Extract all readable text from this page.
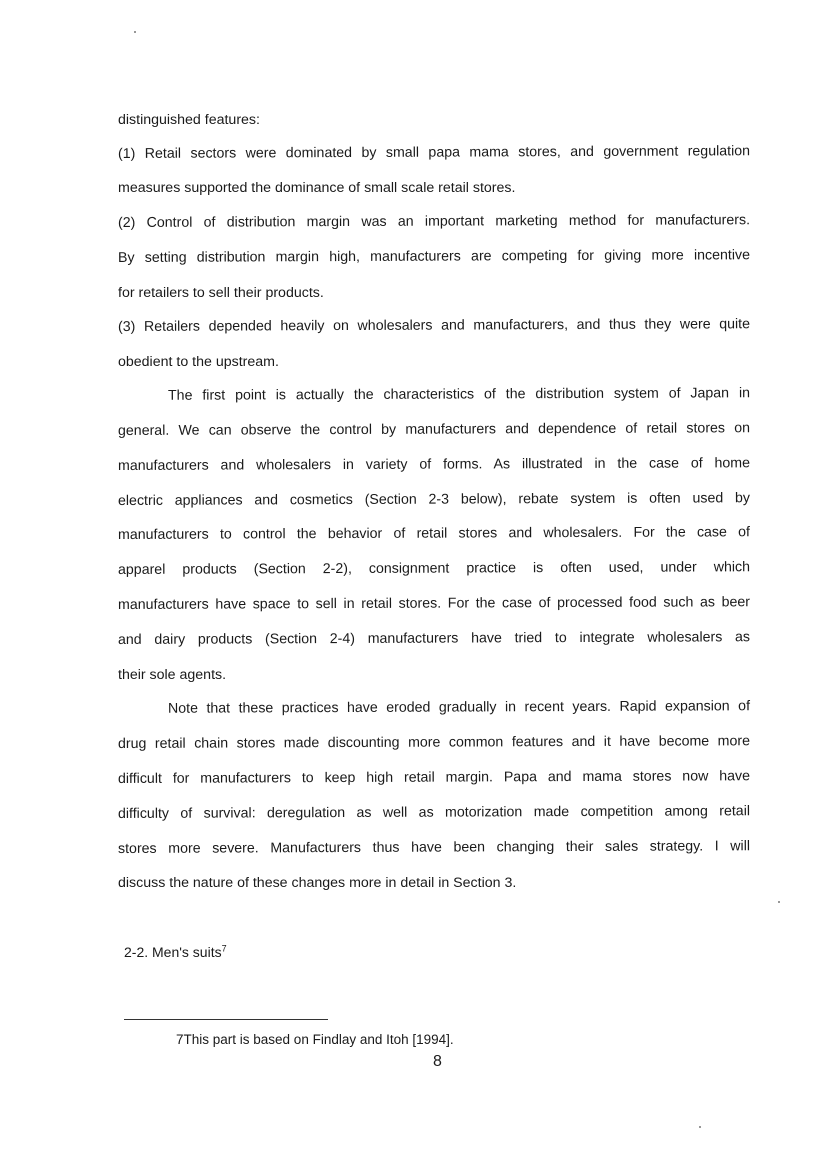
distinguished features:
(1) Retail sectors were dominated by small papa mama stores, and government regulation
measures supported the dominance of small scale retail stores.
(2) Control of distribution margin was an important marketing method for manufacturers.
By setting distribution margin high, manufacturers are competing for giving more incentive
for retailers to sell their products.
(3) Retailers depended heavily on wholesalers and manufacturers, and thus they were quite
obedient to the upstream.
The first point is actually the characteristics of the distribution system of Japan in
general. We can observe the control by manufacturers and dependence of retail stores on
manufacturers and wholesalers in variety of forms. As illustrated in the case of home
electric appliances and cosmetics (Section 2-3 below), rebate system is often used by
manufacturers to control the behavior of retail stores and wholesalers. For the case of
apparel products (Section 2-2), consignment practice is often used, under which
manufacturers have space to sell in retail stores. For the case of processed food such as beer
and dairy products (Section 2-4) manufacturers have tried to integrate wholesalers as
their sole agents.
Note that these practices have eroded gradually in recent years. Rapid expansion of
drug retail chain stores made discounting more common features and it have become more
difficult for manufacturers to keep high retail margin. Papa and mama stores now have
difficulty of survival: deregulation as well as motorization made competition among retail
stores more severe. Manufacturers thus have been changing their sales strategy. I will
discuss the nature of these changes more in detail in Section 3.
2-2. Men's suits$^7$
7This part is based on Findlay and Itoh [1994].
8
